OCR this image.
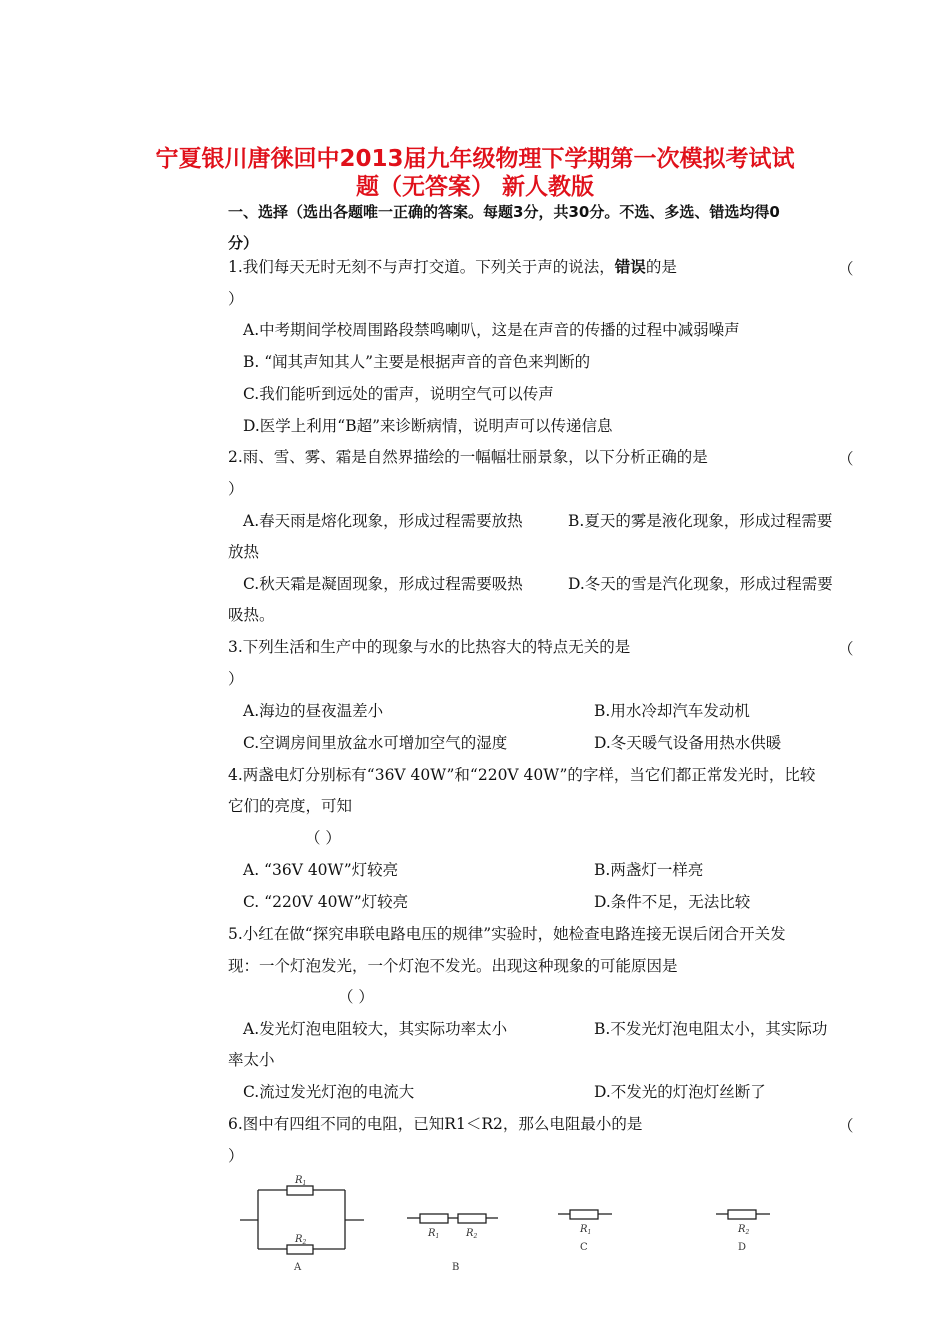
宁夏银川唐徕回中2013届九年级物理下学期第一次模拟考试试
题（无答案） 新人教版
一、选择（选出各题唯一正确的答案。每题3分，共30分。不选、多选、错选均得0
分）
1.我们每天无时无刻不与声打交道。下列关于声的说法，错误的是	（
）
A.中考期间学校周围路段禁鸣喇叭，这是在声音的传播的过程中减弱噪声
B. “闻其声知其人”主要是根据声音的音色来判断的
C.我们能听到远处的雷声，说明空气可以传声
D.医学上利用“B超”来诊断病情，说明声可以传递信息
2.雨、雪、雾、霜是自然界描绘的一幅幅壮丽景象，以下分析正确的是	（
）
A.春天雨是熔化现象，形成过程需要放热	B.夏天的雾是液化现象，形成过程需要
放热
C.秋天霜是凝固现象，形成过程需要吸热	D.冬天的雪是汽化现象，形成过程需要
吸热。
3.下列生活和生产中的现象与水的比热容大的特点无关的是	（
）
A.海边的昼夜温差小	B.用水冷却汽车发动机
C.空调房间里放盆水可增加空气的湿度	D.冬天暖气设备用热水供暖
4.两盏电灯分别标有“36V 40W”和“220V 40W”的字样，当它们都正常发光时，比较
它们的亮度，可知
（ ）
A. “36V 40W”灯较亮	B.两盏灯一样亮
C. “220V 40W”灯较亮	D.条件不足，无法比较
5.小红在做“探究串联电路电压的规律”实验时，她检查电路连接无误后闭合开关发
现：一个灯泡发光，一个灯泡不发光。出现这种现象的可能原因是
（ ）
A.发光灯泡电阻较大，其实际功率太小	B.不发光灯泡电阻太小，其实际功
率太小
C.流过发光灯泡的电流大	D.不发光的灯泡灯丝断了
6.图中有四组不同的电阻，已知R1＜R2，那么电阻最小的是	（
）
$R_1$
$R_2$
A
$R_1$	$R_2$
B
$R_1$
C
$R_2$
D
